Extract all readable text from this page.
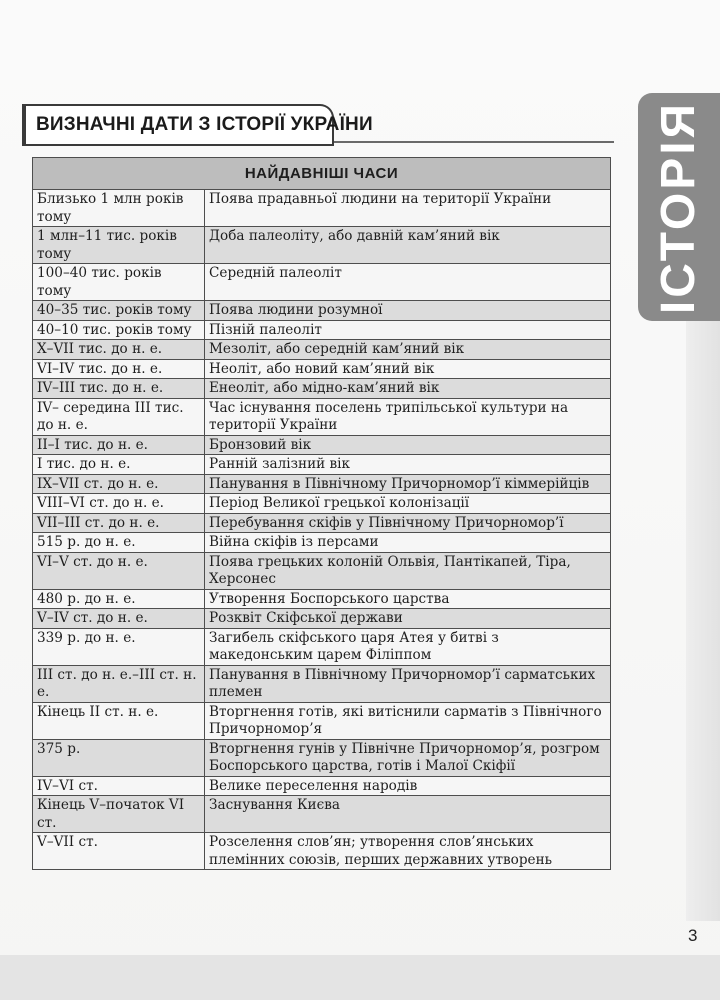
ВИЗНАЧНІ ДАТИ З ІСТОРІЇ УКРАЇНИ	ІСТОРІЯ
НАЙДАВНІШІ ЧАСИ	
Близько 1 млн років тому	Поява прадавньої людини на території України
1 млн–11 тис. років тому	Доба палеоліту, або давній кам’яний вік
100–40 тис. років тому	Середній палеоліт
40–35 тис. років тому	Поява людини розумної
40–10 тис. років тому	Пізній палеоліт
X–VII тис. до н. е.	Мезоліт, або середній кам’яний вік
VI–IV тис. до н. е.	Неоліт, або новий кам’яний вік
IV–III тис. до н. е.	Енеоліт, або мідно-кам’яний вік
IV– середина III тис. до н. е.	Час існування поселень трипільської культури на території України
II–I тис. до н. е.	Бронзовий вік
I тис. до н. е.	Ранній залізний вік
IX–VII ст. до н. е.	Панування в Північному Причорномор’ї кіммерійців
VIII–VI ст. до н. е.	Період Великої грецької колонізації
VII–III ст. до н. е.	Перебування скіфів у Північному Причорномор’ї
515 р. до н. е.	Війна скіфів із персами
VI–V ст. до н. е.	Поява грецьких колоній Ольвія, Пантікапей, Тіра, Херсонес
480 р. до н. е.	Утворення Боспорського царства
V–IV ст. до н. е.	Розквіт Скіфської держави
339 р. до н. е.	Загибель скіфського царя Атея у битві з македонським царем Філіппом
III ст. до н. е.–III ст. н. е.	Панування в Північному Причорномор’ї сарматських племен
Кінець II ст. н. е.	Вторгнення готів, які витіснили сарматів з Північного Причорномор’я
375 р.	Вторгнення гунів у Північне Причорномор’я, розгром Боспорського царства, готів і Малої Скіфії
IV–VI ст.	Велике переселення народів
Кінець V–початок VI ст.	Заснування Києва
V–VII ст.	Розселення слов’ян; утворення слов’янських племінних союзів, перших державних утворень
3
